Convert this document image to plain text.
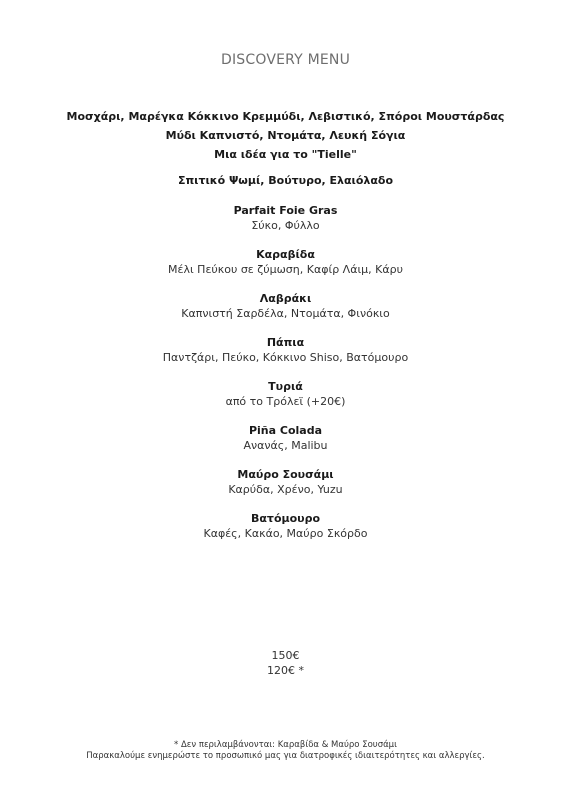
DISCOVERY MENU
Μοσχάρι, Μαρέγκα Κόκκινο Κρεμμύδι, Λεβιστικό, Σπόροι Μουστάρδας
Μύδι Καπνιστό, Ντομάτα, Λευκή Σόγια
Μια ιδέα για το "Tielle"
Σπιτικό Ψωμί, Βούτυρο, Ελαιόλαδο
Parfait Foie Gras
Σύκο, Φύλλο
Καραβίδα
Μέλι Πεύκου σε ζύμωση, Καφίρ Λάιμ, Κάρυ
Λαβράκι
Καπνιστή Σαρδέλα, Ντομάτα, Φινόκιο
Πάπια
Παντζάρι, Πεύκο, Κόκκινο Shiso, Βατόμουρο
Τυριά
από το Τρόλεϊ (+20€)
Piña Colada
Ανανάς, Malibu
Μαύρο Σουσάμι
Καρύδα, Χρένο, Yuzu
Βατόμουρο
Καφές, Κακάο, Μαύρο Σκόρδο
150€
120€ *
* Δεν περιλαμβάνονται: Καραβίδα & Μαύρο Σουσάμι
Παρακαλούμε ενημερώστε το προσωπικό μας για διατροφικές ιδιαιτερότητες και αλλεργίες.
